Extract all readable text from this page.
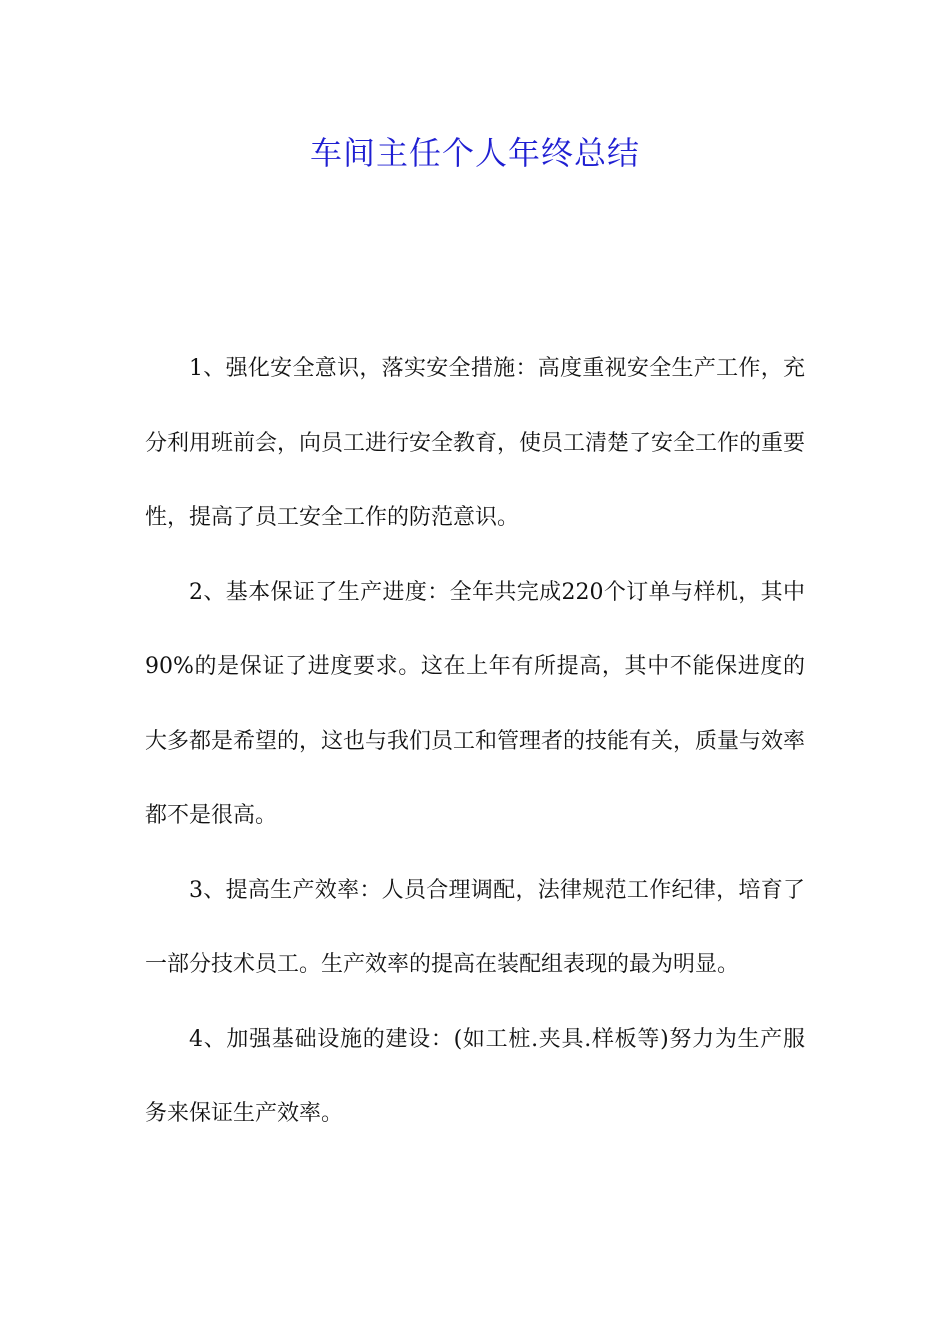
车间主任个人年终总结

1、强化安全意识，落实安全措施：高度重视安全生产工作，充分利用班前会，向员工进行安全教育，使员工清楚了安全工作的重要性，提高了员工安全工作的防范意识。

2、基本保证了生产进度：全年共完成220个订单与样机，其中90%的是保证了进度要求。这在上年有所提高，其中不能保进度的大多都是希望的，这也与我们员工和管理者的技能有关，质量与效率都不是很高。

3、提高生产效率：人员合理调配，法律规范工作纪律，培育了一部分技术员工。生产效率的提高在装配组表现的最为明显。

4、加强基础设施的建设：(如工桩.夹具.样板等)努力为生产服务来保证生产效率。
